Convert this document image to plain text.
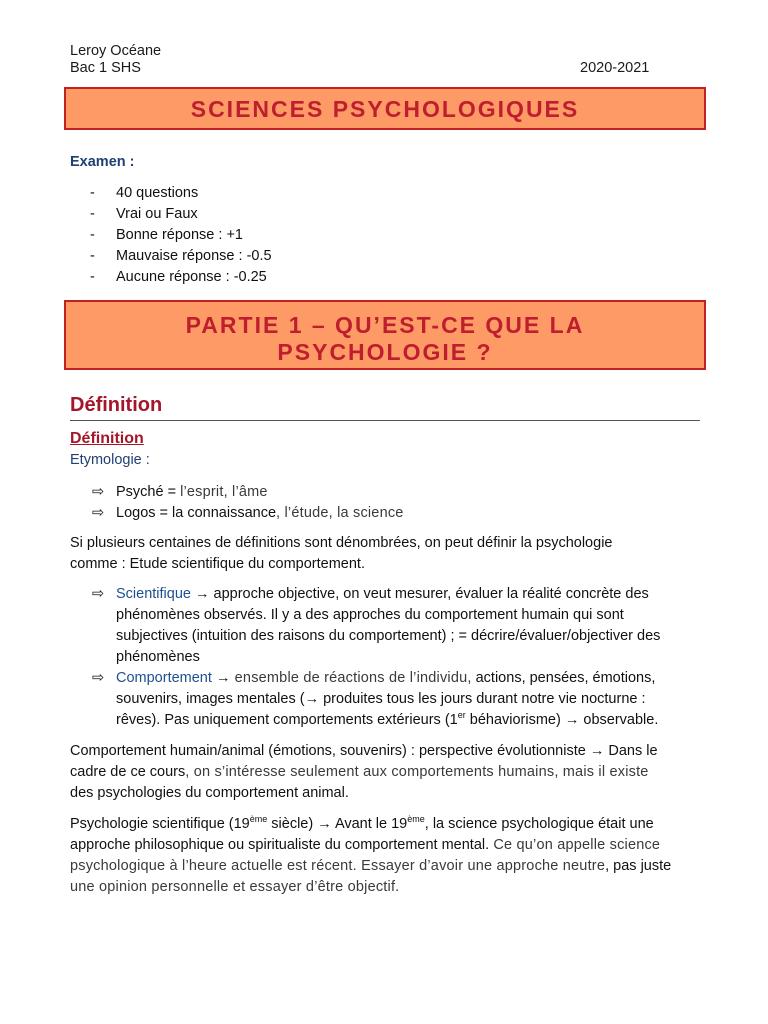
Leroy Océane
Bac 1 SHS	2020-2021
SCIENCES PSYCHOLOGIQUES
Examen :
- 40 questions
- Vrai ou Faux
- Bonne réponse : +1
- Mauvaise réponse : -0.5
- Aucune réponse : -0.25
PARTIE 1 – QU’EST-CE QUE LA
PSYCHOLOGIE ?
Définition
Définition
Etymologie :
⇨ Psyché = l’esprit, l’âme
⇨ Logos = la connaissance, l’étude, la science
Si plusieurs centaines de définitions sont dénombrées, on peut définir la psychologie
comme : Etude scientifique du comportement.
⇨ Scientifique → approche objective, on veut mesurer, évaluer la réalité concrète des
phénomènes observés. Il y a des approches du comportement humain qui sont
subjectives (intuition des raisons du comportement) ; = décrire/évaluer/objectiver des
phénomènes
⇨ Comportement → ensemble de réactions de l’individu, actions, pensées, émotions,
souvenirs, images mentales (→ produites tous les jours durant notre vie nocturne :
rêves). Pas uniquement comportements extérieurs (1er béhaviorisme) → observable.
Comportement humain/animal (émotions, souvenirs) : perspective évolutionniste → Dans le
cadre de ce cours, on s’intéresse seulement aux comportements humains, mais il existe
des psychologies du comportement animal.
Psychologie scientifique (19ème siècle) → Avant le 19ème, la science psychologique était une
approche philosophique ou spiritualiste du comportement mental. Ce qu’on appelle science
psychologique à l’heure actuelle est récent. Essayer d’avoir une approche neutre, pas juste
une opinion personnelle et essayer d’être objectif.
